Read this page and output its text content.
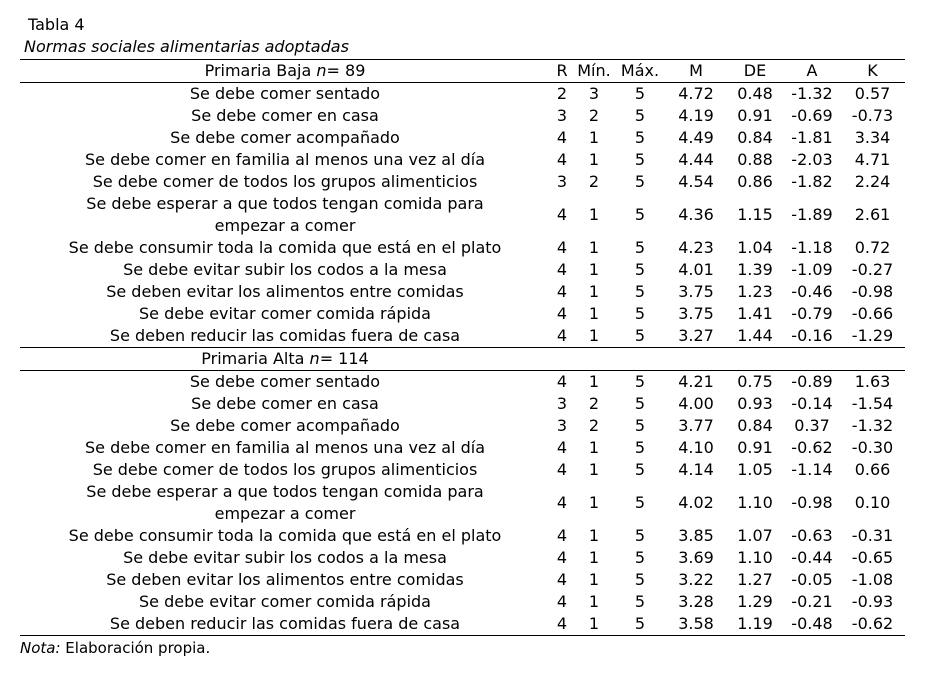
Tabla 4
Normas sociales alimentarias adoptadas
Primaria Baja n= 89	R	Mín.	Máx.	M	DE	A	K
Se debe comer sentado	2	3	5	4.72	0.48	-1.32	0.57
Se debe comer en casa	3	2	5	4.19	0.91	-0.69	-0.73
Se debe comer acompañado	4	1	5	4.49	0.84	-1.81	3.34
Se debe comer en familia al menos una vez al día	4	1	5	4.44	0.88	-2.03	4.71
Se debe comer de todos los grupos alimenticios	3	2	5	4.54	0.86	-1.82	2.24

Se debe esperar a que todos tengan comida para
empezar a comer	4	1	5	4.36	1.15	-1.89	2.61
Se debe consumir toda la comida que está en el plato	4	1	5	4.23	1.04	-1.18	0.72
Se debe evitar subir los codos a la mesa	4	1	5	4.01	1.39	-1.09	-0.27
Se deben evitar los alimentos entre comidas	4	1	5	3.75	1.23	-0.46	-0.98
Se debe evitar comer comida rápida	4	1	5	3.75	1.41	-0.79	-0.66
Se deben reducir las comidas fuera de casa	4	1	5	3.27	1.44	-0.16	-1.29
Primaria Alta n= 114							
Se debe comer sentado	4	1	5	4.21	0.75	-0.89	1.63
Se debe comer en casa	3	2	5	4.00	0.93	-0.14	-1.54
Se debe comer acompañado	3	2	5	3.77	0.84	0.37	-1.32
Se debe comer en familia al menos una vez al día	4	1	5	4.10	0.91	-0.62	-0.30
Se debe comer de todos los grupos alimenticios	4	1	5	4.14	1.05	-1.14	0.66

Se debe esperar a que todos tengan comida para
empezar a comer	4	1	5	4.02	1.10	-0.98	0.10
Se debe consumir toda la comida que está en el plato	4	1	5	3.85	1.07	-0.63	-0.31
Se debe evitar subir los codos a la mesa	4	1	5	3.69	1.10	-0.44	-0.65
Se deben evitar los alimentos entre comidas	4	1	5	3.22	1.27	-0.05	-1.08
Se debe evitar comer comida rápida	4	1	5	3.28	1.29	-0.21	-0.93
Se deben reducir las comidas fuera de casa	4	1	5	3.58	1.19	-0.48	-0.62
Nota: Elaboración propia.
